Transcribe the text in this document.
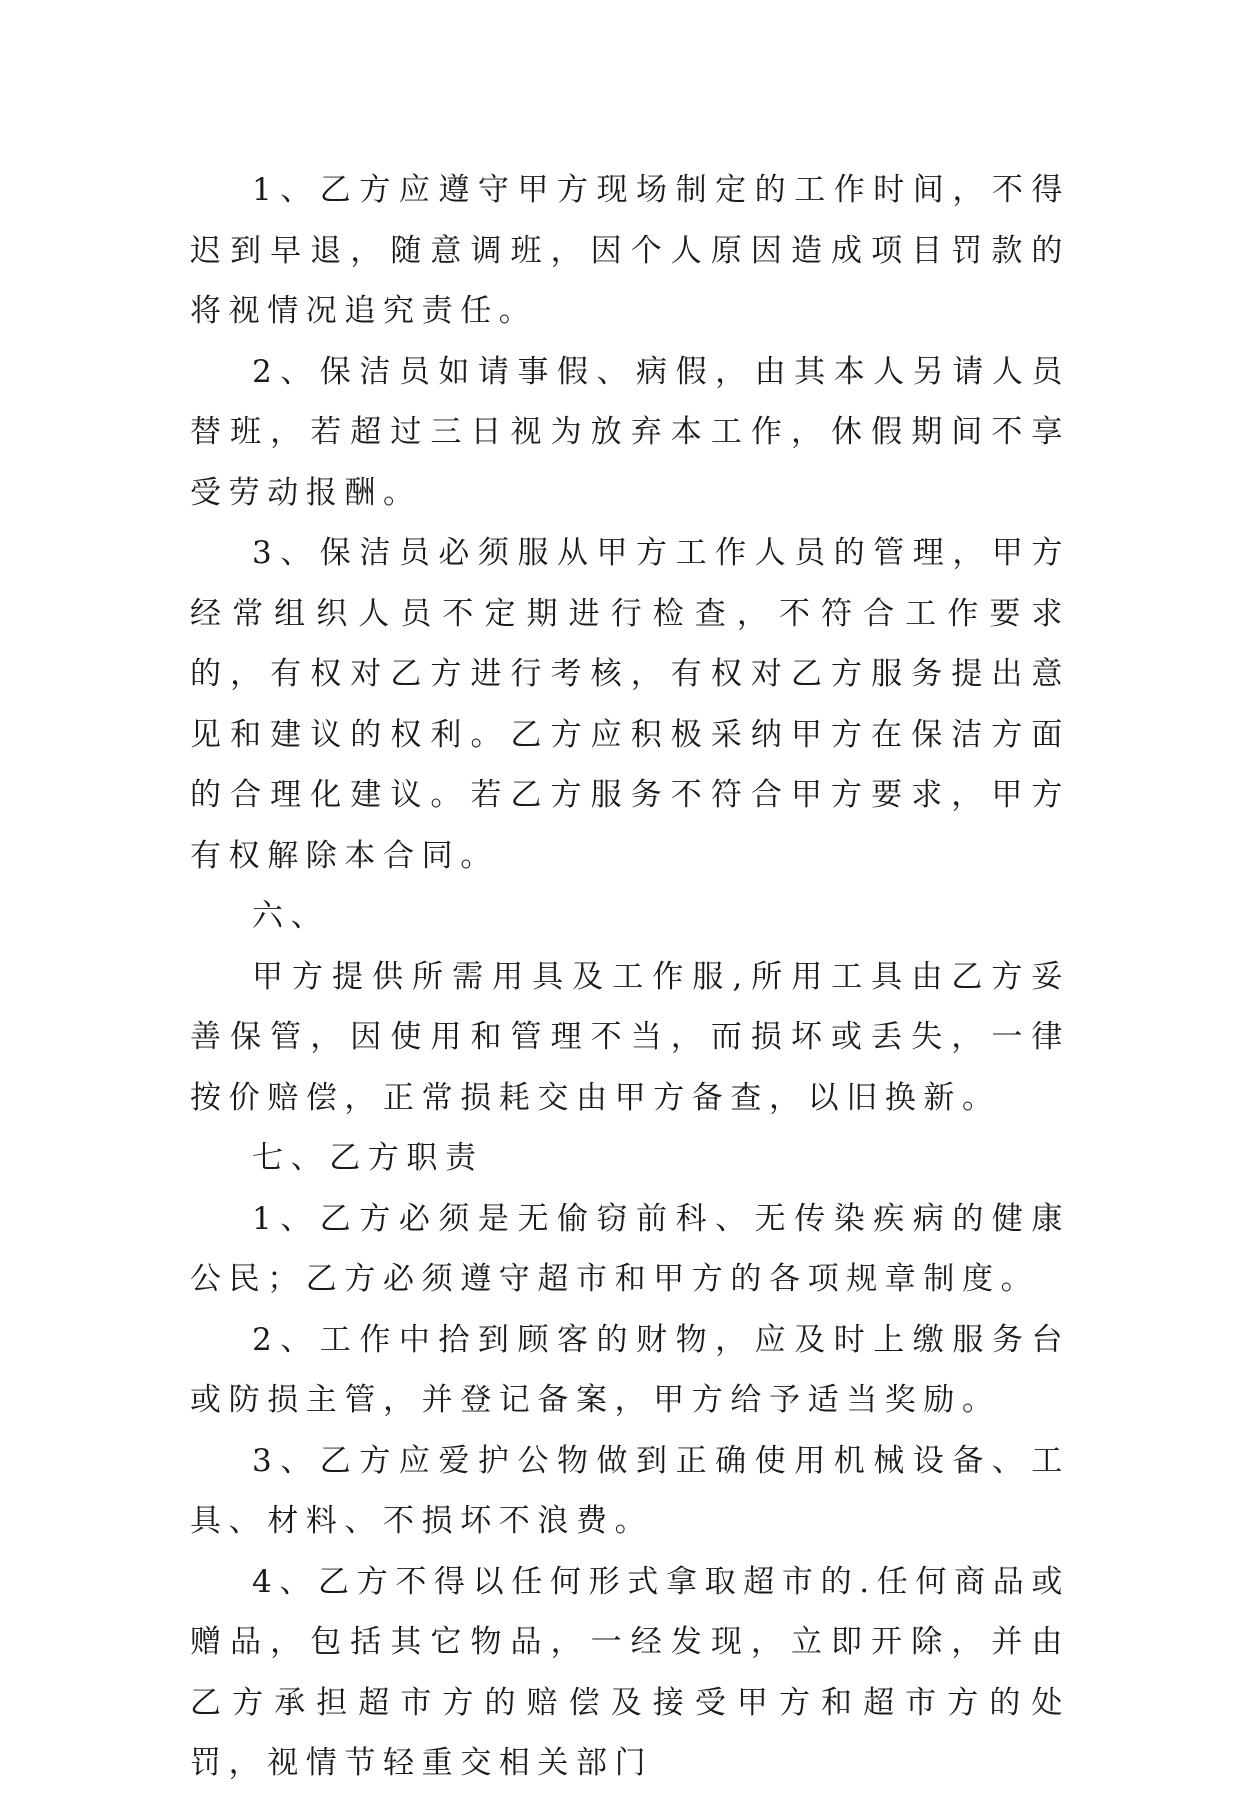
1、乙方应遵守甲方现场制定的工作时间，不得迟到早退，随意调班，因个人原因造成项目罚款的将视情况追究责任。

2、保洁员如请事假、病假，由其本人另请人员替班，若超过三日视为放弃本工作，休假期间不享受劳动报酬。

3、保洁员必须服从甲方工作人员的管理，甲方经常组织人员不定期进行检查，不符合工作要求的，有权对乙方进行考核，有权对乙方服务提出意见和建议的权利。乙方应积极采纳甲方在保洁方面的合理化建议。若乙方服务不符合甲方要求，甲方有权解除本合同。

六、

甲方提供所需用具及工作服,所用工具由乙方妥善保管，因使用和管理不当，而损坏或丢失，一律按价赔偿，正常损耗交由甲方备查，以旧换新。

七、乙方职责

1、乙方必须是无偷窃前科、无传染疾病的健康公民；乙方必须遵守超市和甲方的各项规章制度。

2、工作中拾到顾客的财物，应及时上缴服务台或防损主管，并登记备案，甲方给予适当奖励。

3、乙方应爱护公物做到正确使用机械设备、工具、材料、不损坏不浪费。

4、乙方不得以任何形式拿取超市的.任何商品或赠品，包括其它物品，一经发现，立即开除，并由乙方承担超市方的赔偿及接受甲方和超市方的处罚，视情节轻重交相关部门
